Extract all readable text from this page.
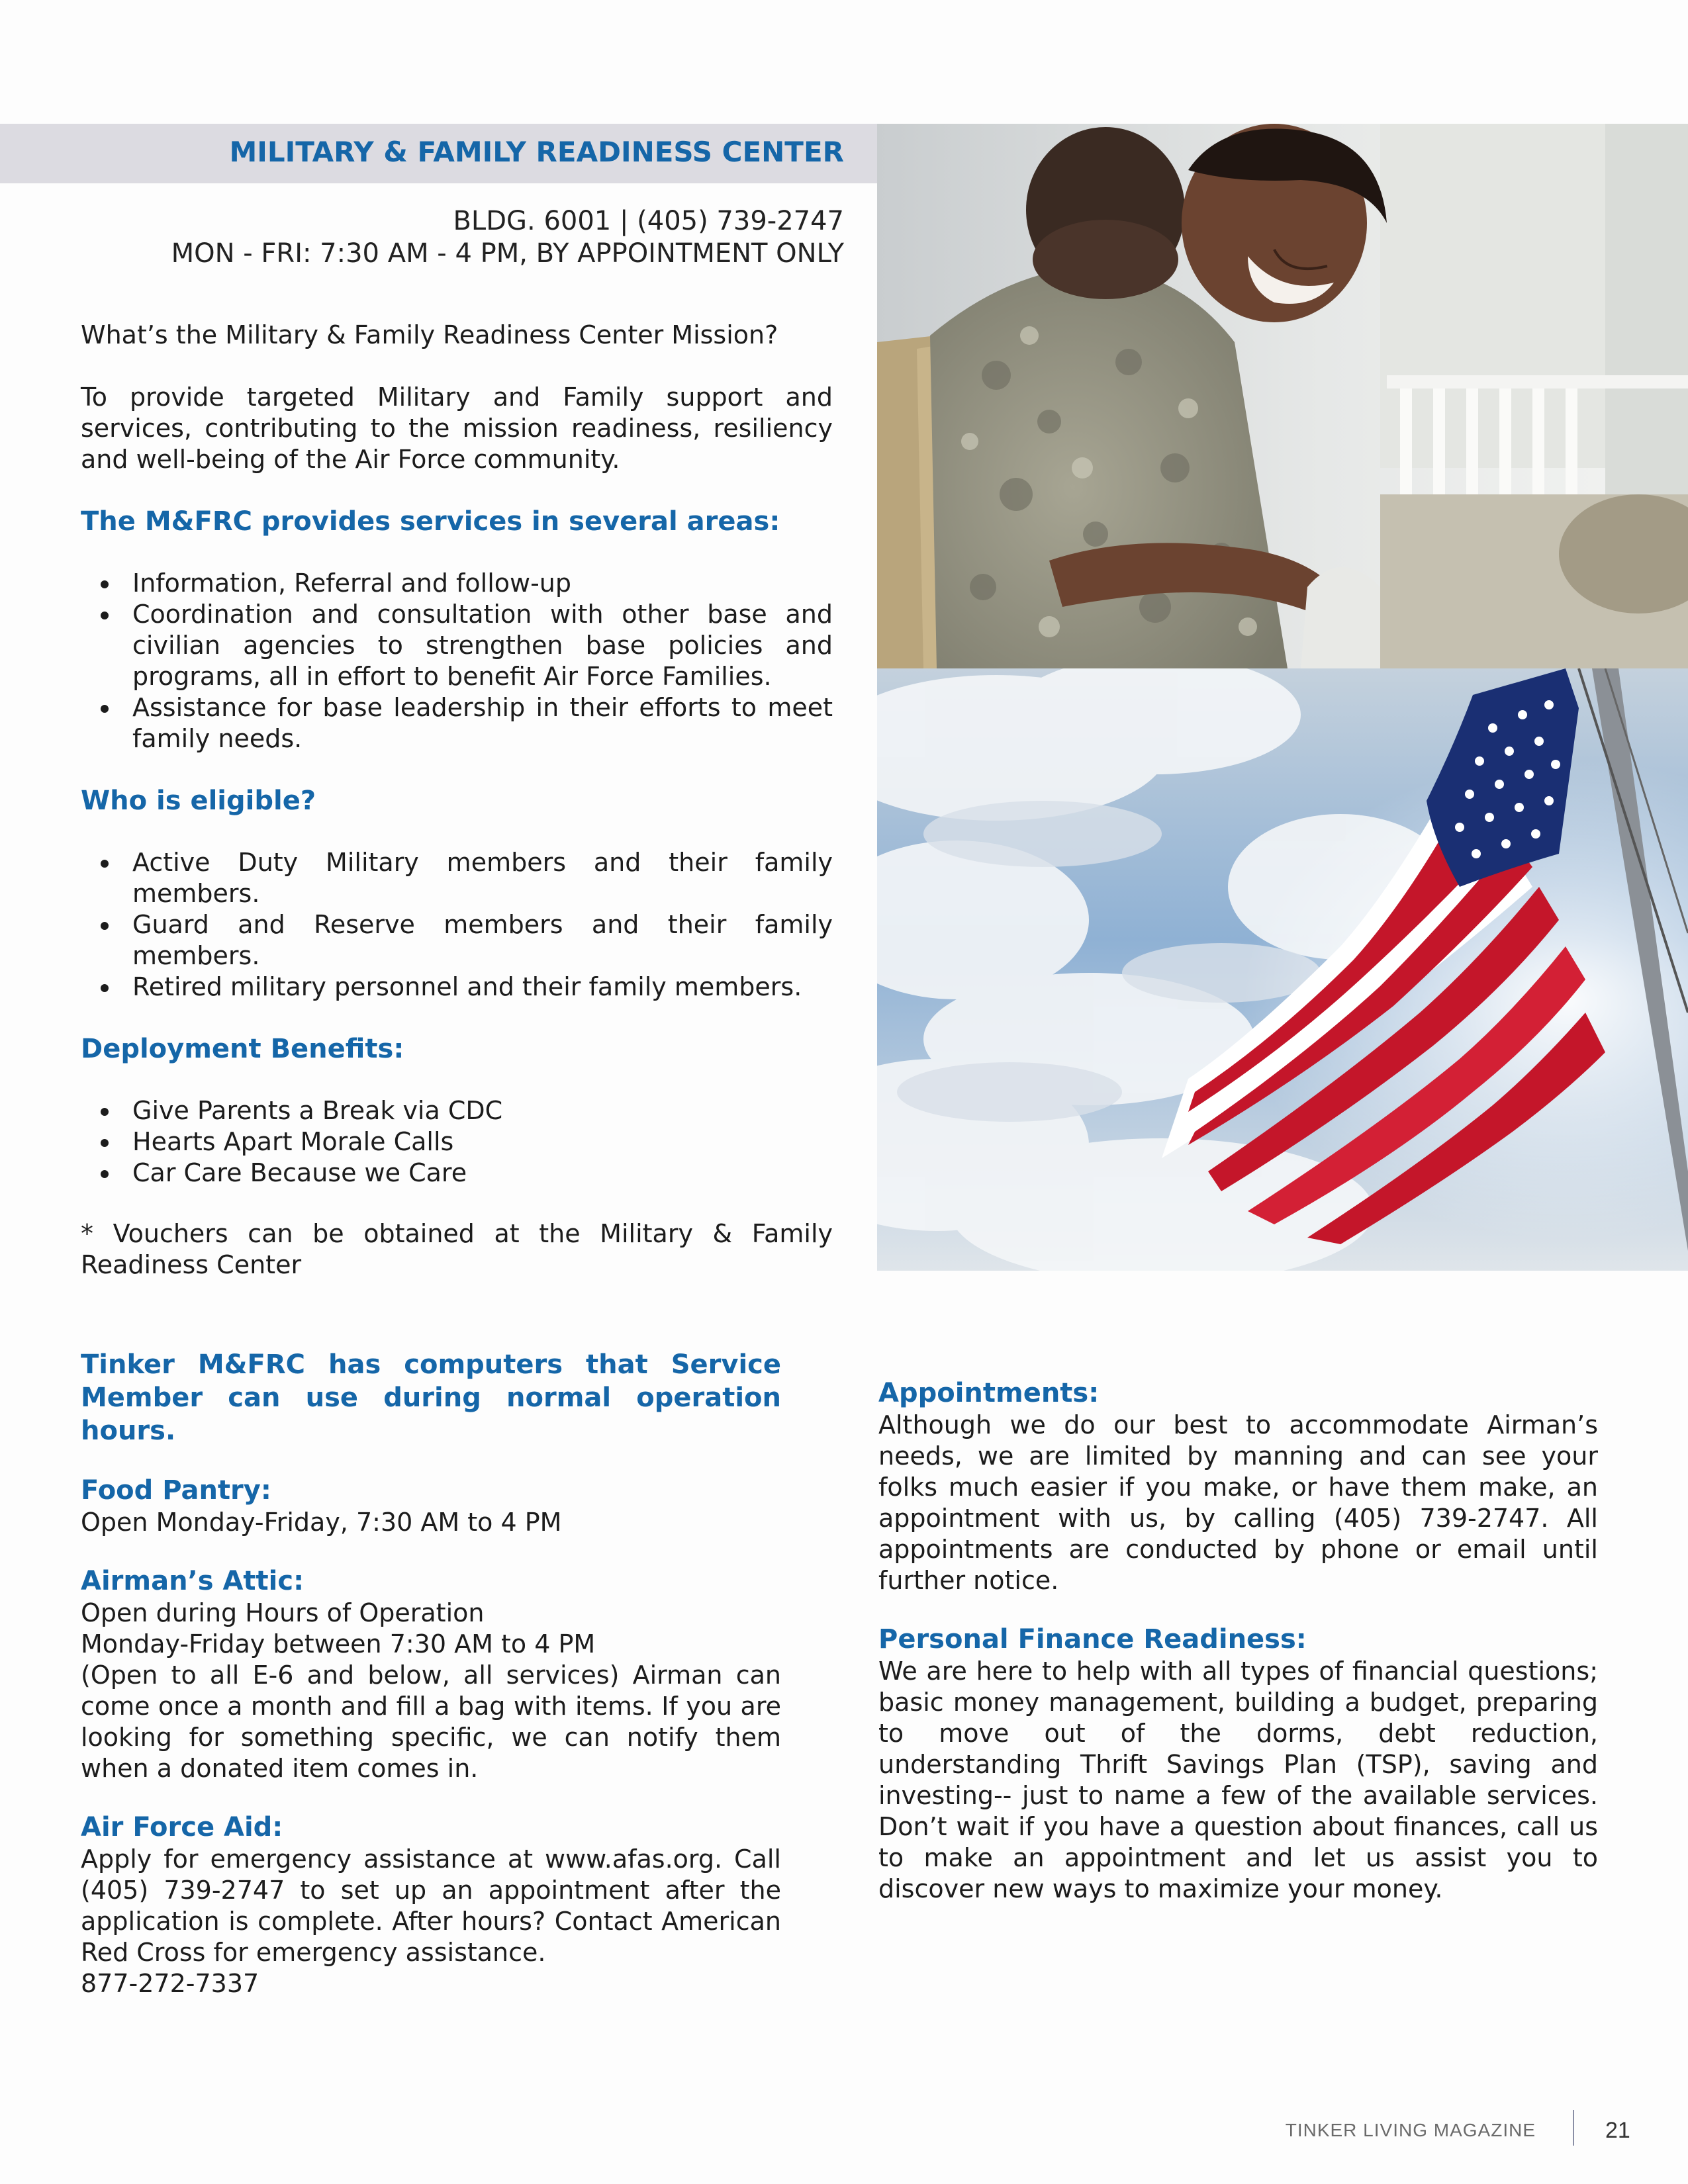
MILITARY & FAMILY READINESS CENTER
BLDG. 6001 | (405) 739-2747
MON - FRI: 7:30 AM - 4 PM, BY APPOINTMENT ONLY

What’s the Military & Family Readiness Center Mission?

To provide targeted Military and Family support and services, contributing to the mission readiness, resiliency and well-being of the Air Force community.

The M&FRC provides services in several areas:
Information, Referral and follow-up
Coordination and consultation with other base and civilian agencies to strengthen base policies and programs, all in effort to benefit Air Force Families.
Assistance for base leadership in their efforts to meet family needs.
Who is eligible?
Active Duty Military members and their family members.
Guard and Reserve members and their family members.
Retired military personnel and their family members.
Deployment Benefits:
Give Parents a Break via CDC
Hearts Apart Morale Calls
Car Care Because we Care

* Vouchers can be obtained at the Military & Family Readiness Center

Tinker M&FRC has computers that Service Member can use during normal operation hours.
Food Pantry:

Open Monday-Friday, 7:30 AM to 4 PM

Airman’s Attic:

Open during Hours of Operation

Monday-Friday between 7:30 AM to 4 PM

(Open to all E-6 and below, all services) Airman can come once a month and fill a bag with items. If you are looking for something specific, we can notify them when a donated item comes in.

Air Force Aid:

Apply for emergency assistance at www.afas.org. Call (405) 739-2747 to set up an appointment after the application is complete. After hours? Contact American Red Cross for emergency assistance.

877-272-7337

Appointments:

Although we do our best to accommodate Airman’s needs, we are limited by manning and can see your folks much easier if you make, or have them make, an appointment with us, by calling (405) 739-2747. All appointments are conducted by phone or email until further notice.

Personal Finance Readiness:

We are here to help with all types of financial questions; basic money management, building a budget, preparing to move out of the dorms, debt reduction, understanding Thrift Savings Plan (TSP), saving and investing-- just to name a few of the available services. Don’t wait if you have a question about finances, call us to make an appointment and let us assist you to discover new ways to maximize your money.

TINKER LIVING MAGAZINE	21
